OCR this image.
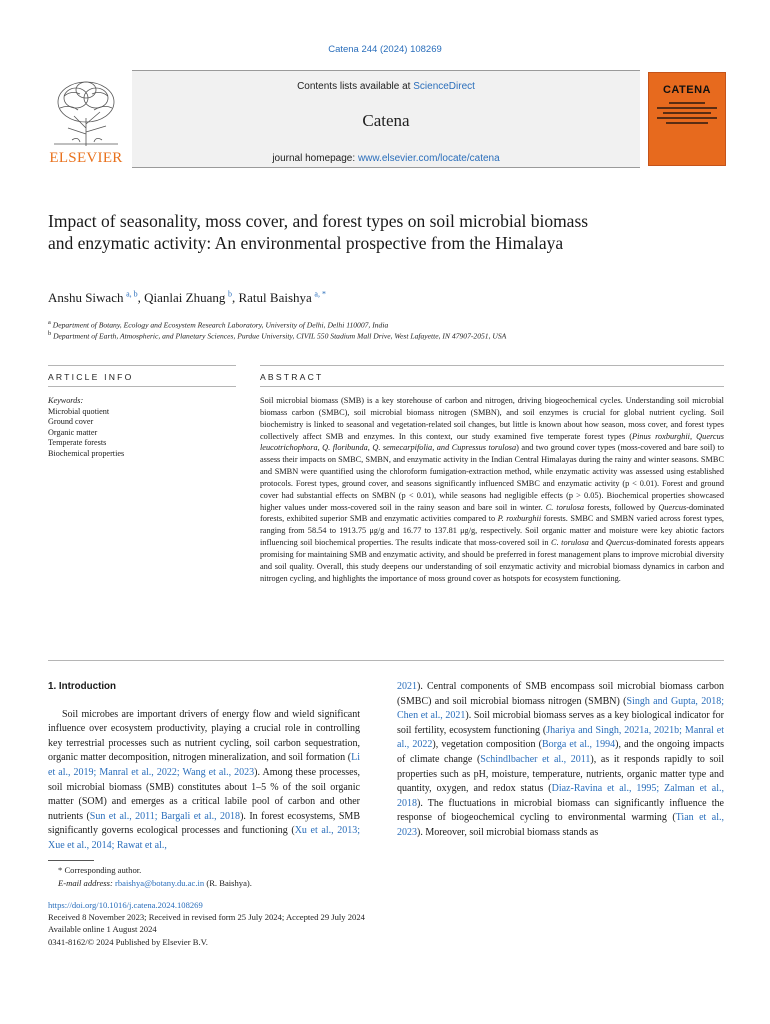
Catena 244 (2024) 108269
ELSEVIER
Contents lists available at ScienceDirect
Catena
journal homepage: www.elsevier.com/locate/catena
CATENA
Impact of seasonality, moss cover, and forest types on soil microbial biomass and enzymatic activity: An environmental prospective from the Himalaya
Anshu Siwach  $^{a, b}$, Qianlai Zhuang  $^b$, Ratul Baishya  $^{a, *}$
$^a$ Department of Botany, Ecology and Ecosystem Research Laboratory, University of Delhi, Delhi 110007, India
$^b$ Department of Earth, Atmospheric, and Planetary Sciences, Purdue University, CIVIL 550 Stadium Mall Drive, West Lafayette, IN 47907-2051, USA
ARTICLE INFO	ABSTRACT
Keywords:
Microbial quotient
Ground cover
Organic matter
Temperate forests
Biochemical properties

Soil microbial biomass (SMB) is a key storehouse of carbon and nitrogen, driving biogeochemical cycles. Understanding soil microbial biomass carbon (SMBC), soil microbial biomass nitrogen (SMBN), and soil enzymes is crucial for global nutrient cycling. Soil biochemistry is linked to seasonal and vegetation-related soil changes, but little is known about how season, moss cover, and forest types collectively affect SMB and enzymes. In this context, our study examined five temperate forest types (Pinus roxburghii, Quercus leucotrichophora, Q. floribunda, Q. semecarpifolia, and Cupressus torulosa) and two ground cover types (moss-covered and bare soil) to assess their impacts on SMBC, SMBN, and enzymatic activity in the Indian Central Himalayas during the rainy and winter seasons. SMBC and SMBN were quantified using the chloroform fumigation-extraction method, while enzymatic activity was assessed using established protocols. Forest types, ground cover, and seasons significantly influenced SMBC and enzymatic activity (p < 0.01). Forest and ground cover had substantial effects on SMBN (p < 0.01), while seasons had negligible effects (p > 0.05). Biochemical properties showcased higher values under moss-covered soil in the rainy season and bare soil in winter. C. torulosa forests, followed by Quercus-dominated forests, exhibited superior SMB and enzymatic activities compared to P. roxburghii forests. SMBC and SMBN varied across forest types, ranging from 58.54 to 1913.75 μg/g and 16.77 to 137.81 μg/g, respectively. Soil organic matter and moisture were key abiotic factors influencing soil biochemical properties. The results indicate that moss-covered soil in C. torulosa and Quercus-dominated forests appears promising for maintaining SMB and enzymatic activity, and should be preferred in forest management plans to improve microbial diversity and soil quality. Overall, this study deepens our understanding of soil enzymatic activity and microbial biomass dynamics in carbon and nitrogen cycling, and highlights the importance of moss ground cover as hotspots for ecosystem functioning.

1. Introduction

Soil microbes are important drivers of energy flow and wield significant influence over ecosystem productivity, playing a crucial role in controlling key terrestrial processes such as nutrient cycling, soil carbon sequestration, organic matter decomposition, nitrogen mineralization, and soil formation (Li et al., 2019; Manral et al., 2022; Wang et al., 2023). Among these processes, soil microbial biomass (SMB) constitutes about 1–5 % of the soil organic matter (SOM) and emerges as a critical labile pool of carbon and other nutrients (Sun et al., 2011; Bargali et al., 2018). In forest ecosystems, SMB significantly governs ecological processes and functioning (Xu et al., 2013; Xue et al., 2014; Rawat et al.,

2021). Central components of SMB encompass soil microbial biomass carbon (SMBC) and soil microbial biomass nitrogen (SMBN) (Singh and Gupta, 2018; Chen et al., 2021). Soil microbial biomass serves as a key biological indicator for soil fertility, ecosystem functioning (Jhariya and Singh, 2021a, 2021b; Manral et al., 2022), vegetation composition (Borga et al., 1994), and the ongoing impacts of climate change (Schindlbacher et al., 2011), as it responds rapidly to soil properties such as pH, moisture, temperature, nutrients, organic matter type and quantity, oxygen, and redox status (Diaz-Ravina et al., 1995; Zalman et al., 2018). The fluctuations in microbial biomass can significantly influence the response of biogeochemical cycling to environmental warming (Tian et al., 2023). Moreover, soil microbial biomass stands as

* Corresponding author.
E-mail address: rbaishya@botany.du.ac.in (R. Baishya).
https://doi.org/10.1016/j.catena.2024.108269
Received 8 November 2023; Received in revised form 25 July 2024; Accepted 29 July 2024
Available online 1 August 2024
0341-8162/© 2024 Published by Elsevier B.V.
